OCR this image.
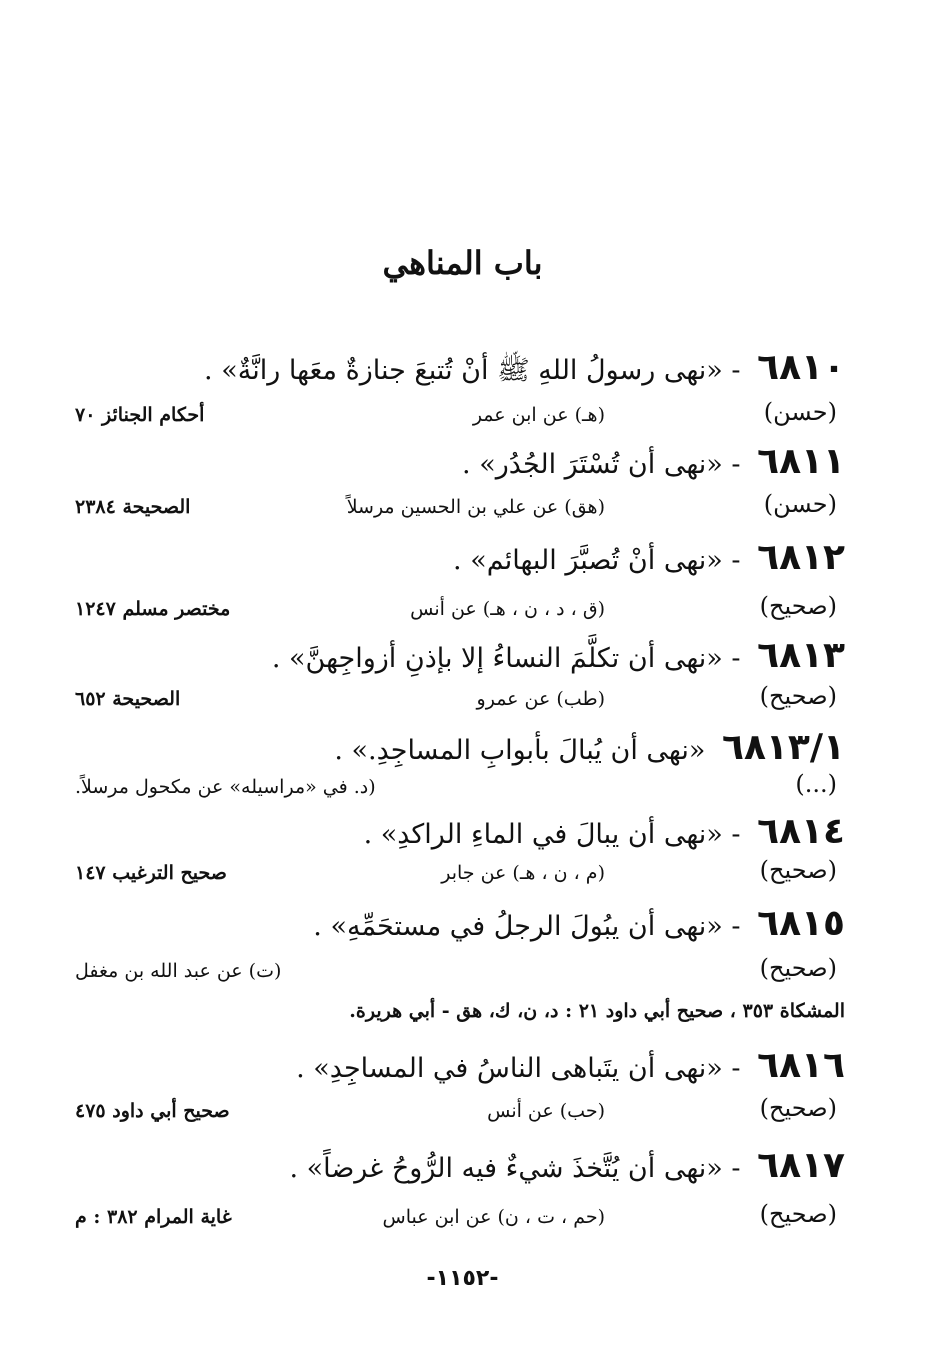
باب المناهي
٦٨١٠ - «نهى رسولُ اللهِ ﷺ أنْ تُتبعَ جنازةٌ معَها رانَّةٌ» .
(حسن)
(هـ) عن ابن عمر
أحكام الجنائز ٧٠
٦٨١١ - «نهى أن تُسْتَرَ الجُدُر» .
(حسن)
(هق) عن علي بن الحسين مرسلاً
الصحيحة ٢٣٨٤
٦٨١٢ - «نهى أنْ تُصبَّرَ البهائم» .
(صحيح)
(ق ، د ، ن ، هـ) عن أنس
مختصر مسلم ١٢٤٧
٦٨١٣ - «نهى أن تكلَّمَ النساءُ إلا بإذنِ أزواجِهنَّ» .
(صحيح)
(طب) عن عمرو
الصحيحة ٦٥٢
٦٨١٣/١ «نهى أن يُبالَ بأبوابِ المساجِدِ.» .
(...)
(د. في «مراسيله» عن مكحول مرسلاً.
٦٨١٤ - «نهى أن يبالَ في الماءِ الراكدِ» .
(صحيح)
(م ، ن ، هـ) عن جابر
صحيح الترغيب ١٤٧
٦٨١٥ - «نهى أن يبُولَ الرجلُ في مستحَمِّهِ» .
(صحيح)
(ت) عن عبد الله بن مغفل
المشكاة ٣٥٣ ، صحيح أبي داود ٢١ : د، ن، ك، هق - أبي هريرة.
٦٨١٦ - «نهى أن يتَباهى الناسُ في المساجِدِ» .
(صحيح)
(حب) عن أنس
صحيح أبي داود ٤٧٥
٦٨١٧ - «نهى أن يُتَّخذَ شيءٌ فيه الرُّوحُ غرضاً» .
(صحيح)
(حم ، ت ، ن) عن ابن عباس
غاية المرام ٣٨٢ : م
-١١٥٢-
